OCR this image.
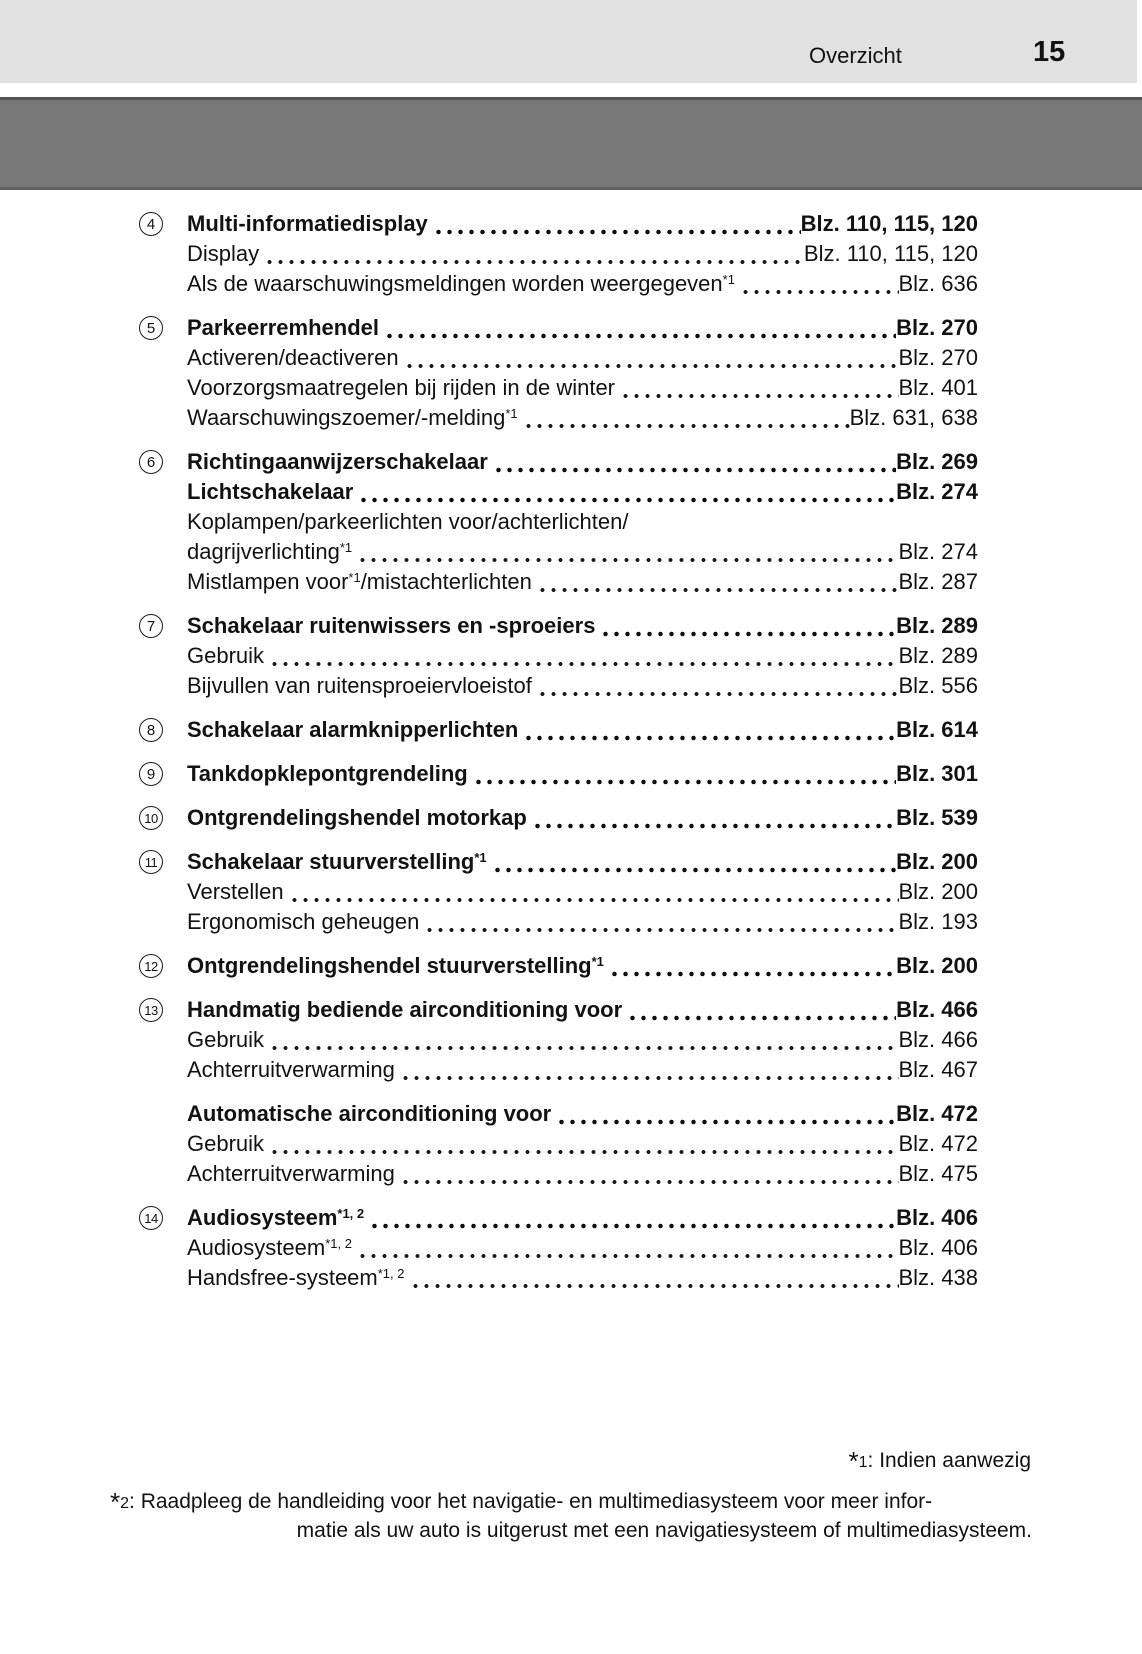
Overzicht	15
4	Multi-informatiedisplay	Blz. 110, 115, 120
Display	Blz. 110, 115, 120
Als de waarschuwingsmeldingen worden weergegeven$^{*1}$	Blz. 636
5	Parkeerremhendel	Blz. 270
Activeren/deactiveren	Blz. 270
Voorzorgsmaatregelen bij rijden in de winter	Blz. 401
Waarschuwingszoemer/-melding$^{*1}$	Blz. 631, 638
6	Richtingaanwijzerschakelaar	Blz. 269
Lichtschakelaar	Blz. 274
Koplampen/parkeerlichten voor/achterlichten/
dagrijverlichting$^{*1}$	Blz. 274
Mistlampen voor$^{*1}$/mistachterlichten	Blz. 287
7	Schakelaar ruitenwissers en -sproeiers	Blz. 289
Gebruik	Blz. 289
Bijvullen van ruitensproeiervloeistof	Blz. 556
8	Schakelaar alarmknipperlichten	Blz. 614
9	Tankdopklepontgrendeling	Blz. 301
10 Ontgrendelingshendel motorkap	Blz. 539
11 Schakelaar stuurverstelling$^{*1}$	Blz. 200
Verstellen	Blz. 200
Ergonomisch geheugen	Blz. 193
12 Ontgrendelingshendel stuurverstelling$^{*1}$	Blz. 200
13 Handmatig bediende airconditioning voor	Blz. 466
Gebruik	Blz. 466
Achterruitverwarming	Blz. 467
Automatische airconditioning voor	Blz. 472
Gebruik	Blz. 472
Achterruitverwarming	Blz. 475
14 Audiosysteem$^{*1, 2}$	Blz. 406
Audiosysteem$^{*1, 2}$	Blz. 406
Handsfree-systeem$^{*1, 2}$	Blz. 438
*1: Indien aanwezig
*2: Raadpleeg de handleiding voor het navigatie- en multimediasysteem voor meer infor-
matie als uw auto is uitgerust met een navigatiesysteem of multimediasysteem.
